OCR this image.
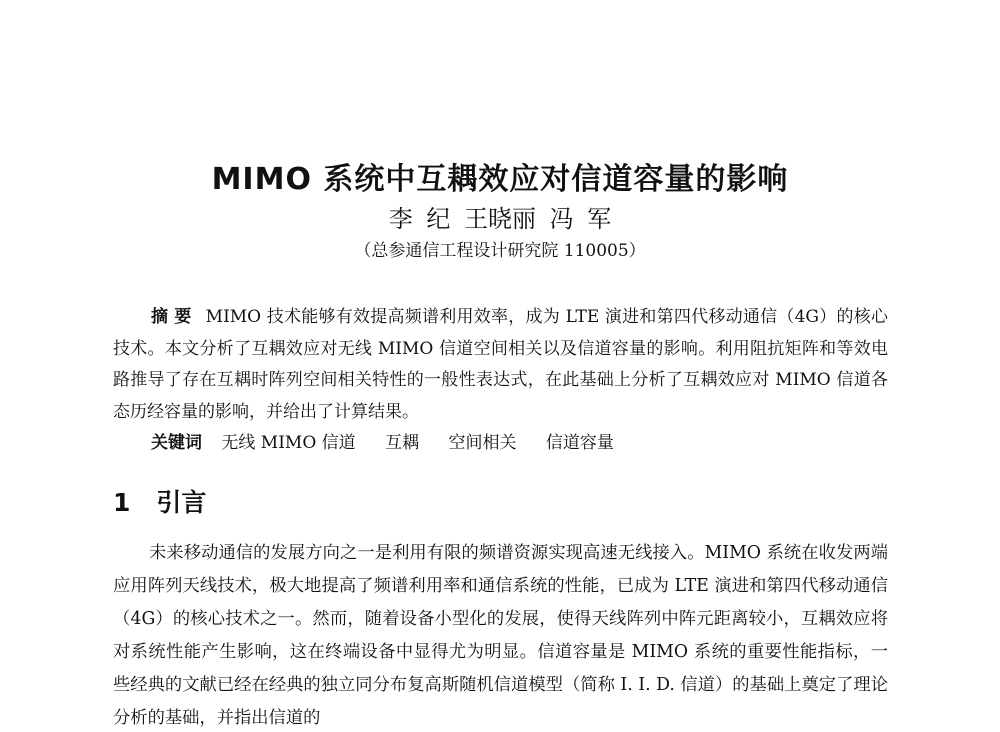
MIMO 系统中互耦效应对信道容量的影响
李 纪 王晓丽 冯 军
（总参通信工程设计研究院 110005）
摘 要 MIMO 技术能够有效提高频谱利用效率，成为 LTE 演进和第四代移动通信（4G）的核心技术。本文分析了互耦效应对无线 MIMO 信道空间相关以及信道容量的影响。利用阻抗矩阵和等效电路推导了存在互耦时阵列空间相关特性的一般性表达式，在此基础上分析了互耦效应对 MIMO 信道各态历经容量的影响，并给出了计算结果。
关键词 无线 MIMO 信道 互耦 空间相关 信道容量
1 引言
未来移动通信的发展方向之一是利用有限的频谱资源实现高速无线接入。MIMO 系统在收发两端应用阵列天线技术，极大地提高了频谱利用率和通信系统的性能，已成为 LTE 演进和第四代移动通信（4G）的核心技术之一。然而，随着设备小型化的发展，使得天线阵列中阵元距离较小，互耦效应将对系统性能产生影响，这在终端设备中显得尤为明显。信道容量是 MIMO 系统的重要性能指标，一些经典的文献已经在经典的独立同分布复高斯随机信道模型（简称 I. I. D. 信道）的基础上奠定了理论分析的基础，并指出信道的
